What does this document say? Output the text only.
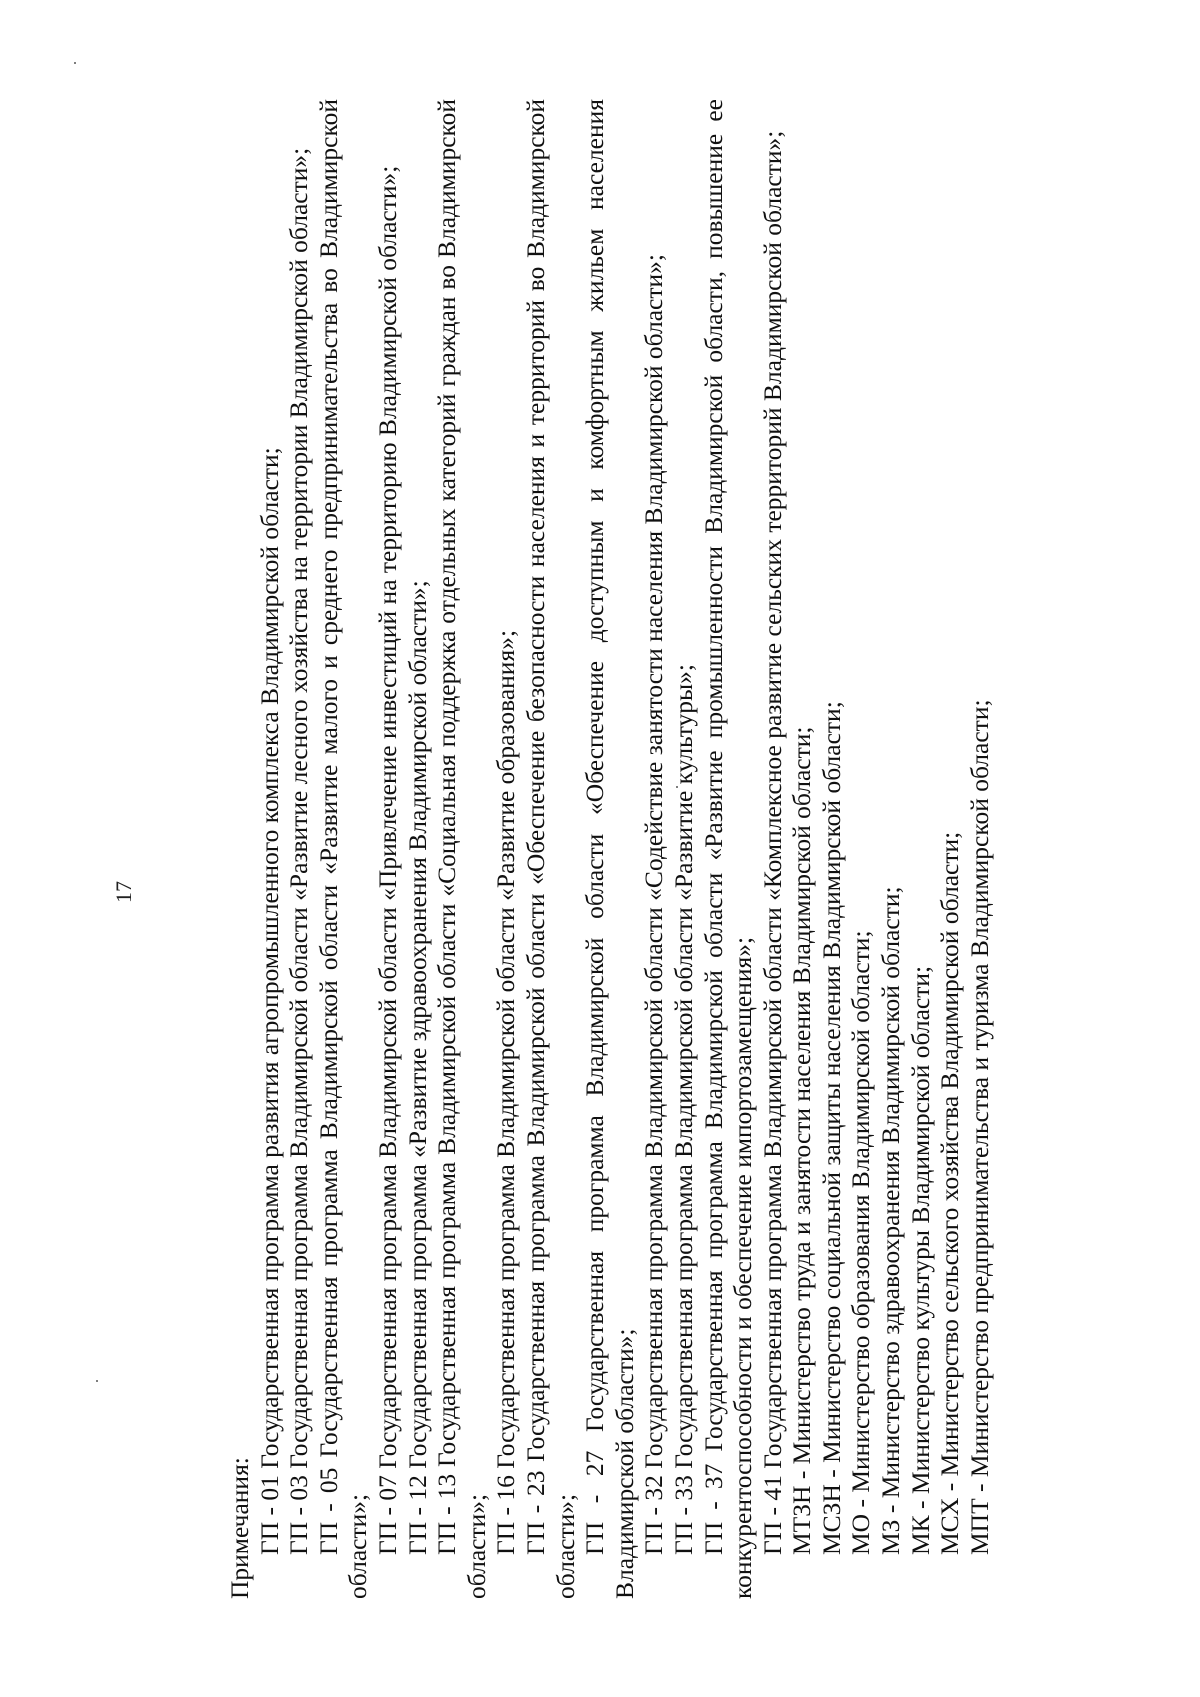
17

Примечания: ГП - 01 Государственная программа развития агропромышленного комплекса Владимирской области; ГП - 03 Государственная программа Владимирской области «Развитие лесного хозяйства на территории Владимирской области»; ГП - 05 Государственная программа Владимирской области «Развитие малого и среднего предпринимательства во Владимирской области»; ГП - 07 Государственная программа Владимирской области «Привлечение инвестиций на территорию Владимирской области»; ГП - 12 Государственная программа «Развитие здравоохранения Владимирской области»; ГП - 13 Государственная программа Владимирской области «Социальная поддержка отдельных категорий граждан во Владимирской области»; ГП - 16 Государственная программа Владимирской области «Развитие образования»; ГП - 23 Государственная программа Владимирской области «Обеспечение безопасности населения и территорий во Владимирской области»; ГП - 27 Государственная программа Владимирской области «Обеспечение доступным и комфортным жильем населения Владимирской области»; ГП - 32 Государственная программа Владимирской области «Содействие занятости населения Владимирской области»; ГП - 33 Государственная программа Владимирской области «Развитие культуры»; ГП - 37 Государственная программа Владимирской области «Развитие промышленности Владимирской области, повышение ее конкурентоспособности и обеспечение импортозамещения»; ГП - 41 Государственная программа Владимирской области «Комплексное развитие сельских территорий Владимирской области»; МТЗН - Министерство труда и занятости населения Владимирской области; МСЗН - Министерство социальной защиты населения Владимирской области; МО - Министерство образования Владимирской области; МЗ - Министерство здравоохранения Владимирской области; МК - Министерство культуры Владимирской области; МСХ - Министерство сельского хозяйства Владимирской области; МПТ - Министерство предпринимательства и туризма Владимирской области;
